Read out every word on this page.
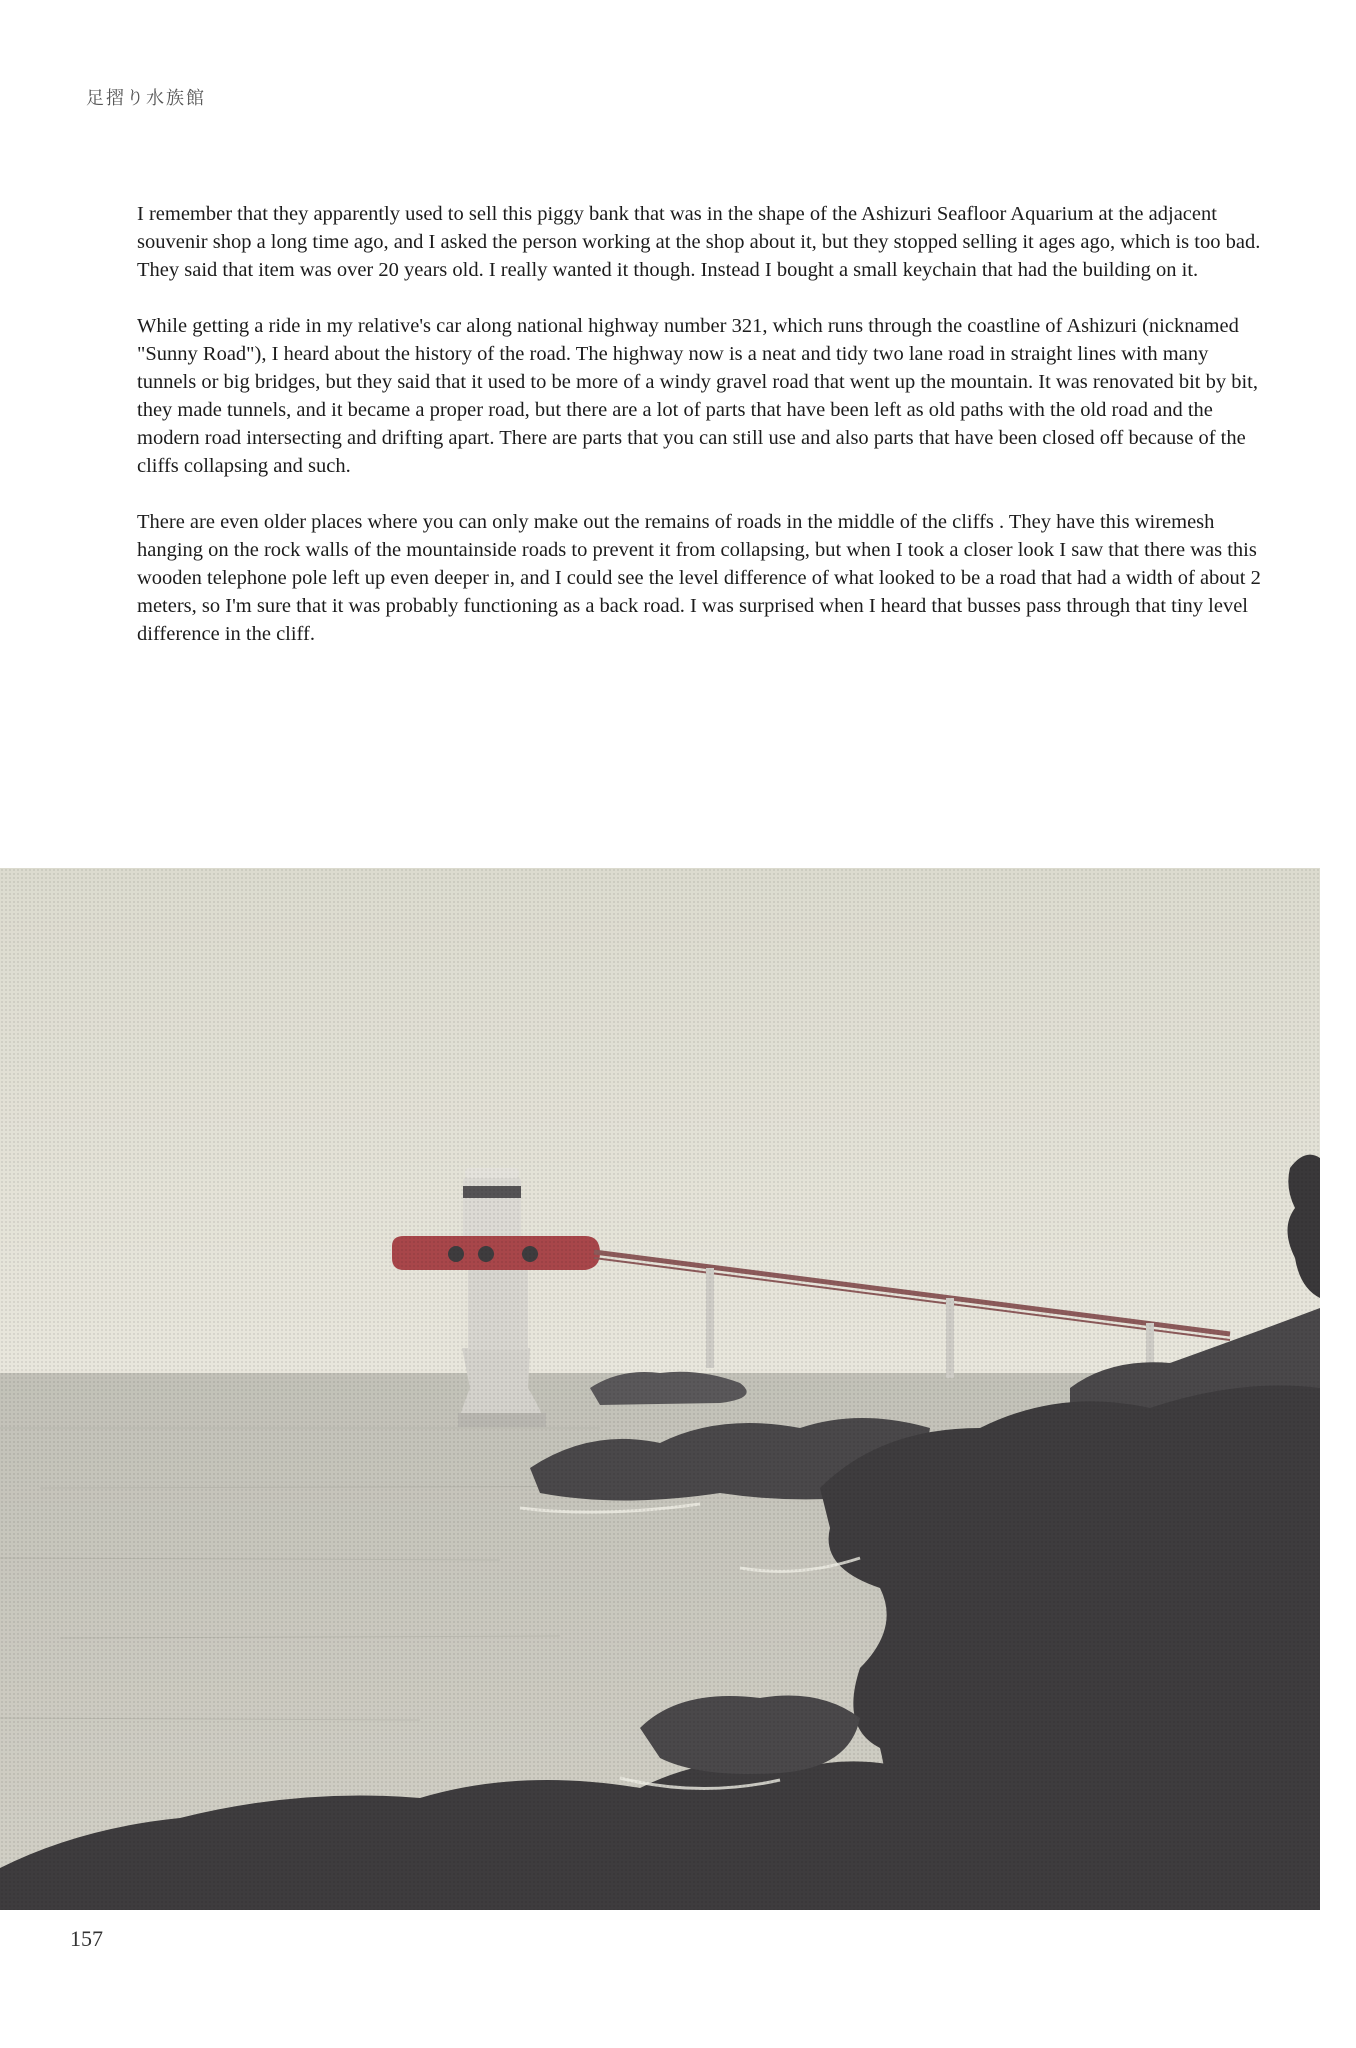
足摺り水族館

I remember that they apparently used to sell this piggy bank that was in the shape of the Ashizuri Seafloor Aquarium at the adjacent souvenir shop a long time ago, and I asked the person working at the shop about it, but they stopped selling it ages ago, which is too bad. They said that item was over 20 years old. I really wanted it though. Instead I bought a small keychain that had the building on it.

While getting a ride in my relative's car along national highway number 321, which runs through the coastline of Ashizuri (nicknamed "Sunny Road"), I heard about the history of the road. The highway now is a neat and tidy two lane road in straight lines with many tunnels or big bridges, but they said that it used to be more of a windy gravel road that went up the mountain. It was renovated bit by bit, they made tunnels, and it became a proper road, but there are a lot of parts that have been left as old paths with the old road and the modern road intersecting and drifting apart. There are parts that you can still use and also parts that have been closed off because of the cliffs collapsing and such.

There are even older places where you can only make out the remains of roads in the middle of the cliffs . They have this wiremesh hanging on the rock walls of the mountainside roads to prevent it from collapsing, but when I took a closer look I saw that there was this wooden telephone pole left up even deeper in, and I could see the level difference of what looked to be a road that had a width of about 2 meters, so I'm sure that it was probably functioning as a back road. I was surprised when I heard that busses pass through that tiny level difference in the cliff.

157
